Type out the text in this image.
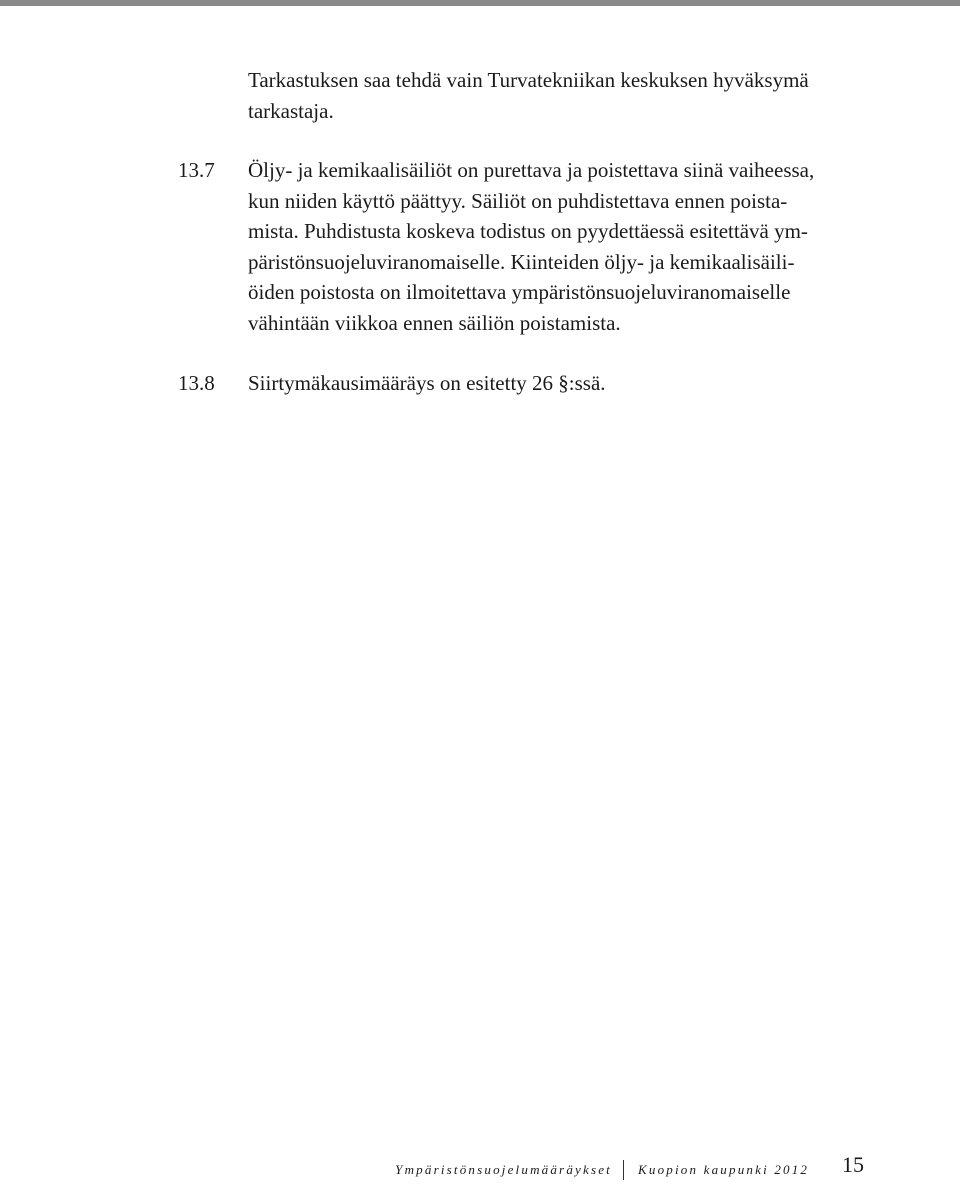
Tarkastuksen saa tehdä vain Turvatekniikan keskuksen hyväksymä
tarkastaja.

13.7 Öljy- ja kemikaalisäiliöt on purettava ja poistettava siinä vaiheessa,
kun niiden käyttö päättyy. Säiliöt on puhdistettava ennen poista-
mista. Puhdistusta koskeva todistus on pyydettäessä esitettävä ym-
päristönsuojeluviranomaiselle. Kiinteiden öljy- ja kemikaalisäili-
öiden poistosta on ilmoitettava ympäristönsuojeluviranomaiselle
vähintään viikkoa ennen säiliön poistamista.
13.8 Siirtymäkausimääräys on esitetty 26 §:ssä.
Ympäristönsuojelumääräykset Kuopion kaupunki 2012 15
